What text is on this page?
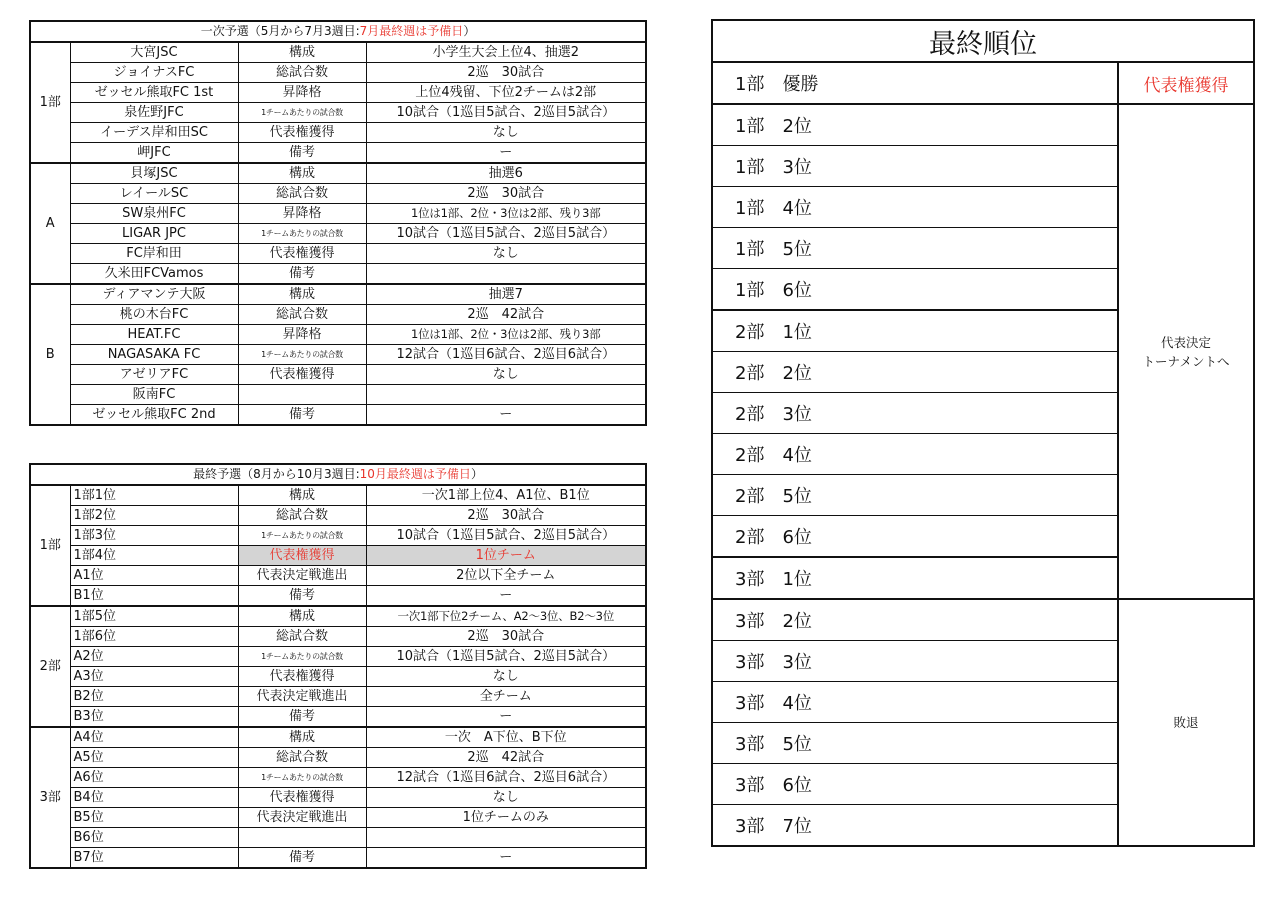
一次予選（5月から7月3週目:7月最終週は予備日）			
1部	大宮JSC	構成	小学生大会上位4、抽選2
	ジョイナスFC	総試合数	2巡　30試合
	ゼッセル熊取FC 1st	昇降格	上位4残留、下位2チームは2部
	泉佐野JFC	1チームあたりの試合数	10試合（1巡目5試合、2巡目5試合）
	イーデス岸和田SC	代表権獲得	なし
	岬JFC	備考	ー
A	貝塚JSC	構成	抽選6
	レイールSC	総試合数	2巡　30試合
	SW泉州FC	昇降格	1位は1部、2位・3位は2部、残り3部
	LIGAR JPC	1チームあたりの試合数	10試合（1巡目5試合、2巡目5試合）
	FC岸和田	代表権獲得	なし
	久米田FCVamos	備考	
B	ディアマンテ大阪	構成	抽選7
	桃の木台FC	総試合数	2巡　42試合
	HEAT.FC	昇降格	1位は1部、2位・3位は2部、残り3部
	NAGASAKA FC	1チームあたりの試合数	12試合（1巡目6試合、2巡目6試合）
	アゼリアFC	代表権獲得	なし
	阪南FC		
	ゼッセル熊取FC 2nd	備考	ー
最終予選（8月から10月3週目:10月最終週は予備日）			
1部	1部1位	構成	一次1部上位4、A1位、B1位
	1部2位	総試合数	2巡　30試合
	1部3位	1チームあたりの試合数	10試合（1巡目5試合、2巡目5試合）
	1部4位	代表権獲得	1位チーム
	A1位	代表決定戦進出	2位以下全チーム
	B1位	備考	ー
2部	1部5位	構成	一次1部下位2チーム、A2～3位、B2～3位
	1部6位	総試合数	2巡　30試合
	A2位	1チームあたりの試合数	10試合（1巡目5試合、2巡目5試合）
	A3位	代表権獲得	なし
	B2位	代表決定戦進出	全チーム
	B3位	備考	ー
3部	A4位	構成	一次　A下位、B下位
	A5位	総試合数	2巡　42試合
	A6位	1チームあたりの試合数	12試合（1巡目6試合、2巡目6試合）
	B4位	代表権獲得	なし
	B5位	代表決定戦進出	1位チームのみ
	B6位		
	B7位	備考	ー
最終順位	
1部　優勝	代表権獲得
1部　2位	代表決定
トーナメントへ
1部　3位	
1部　4位	
1部　5位	
1部　6位	
2部　1位	
2部　2位	
2部　3位	
2部　4位	
2部　5位	
2部　6位	
3部　1位	
3部　2位	敗退
3部　3位	
3部　4位	
3部　5位	
3部　6位	
3部　7位	
